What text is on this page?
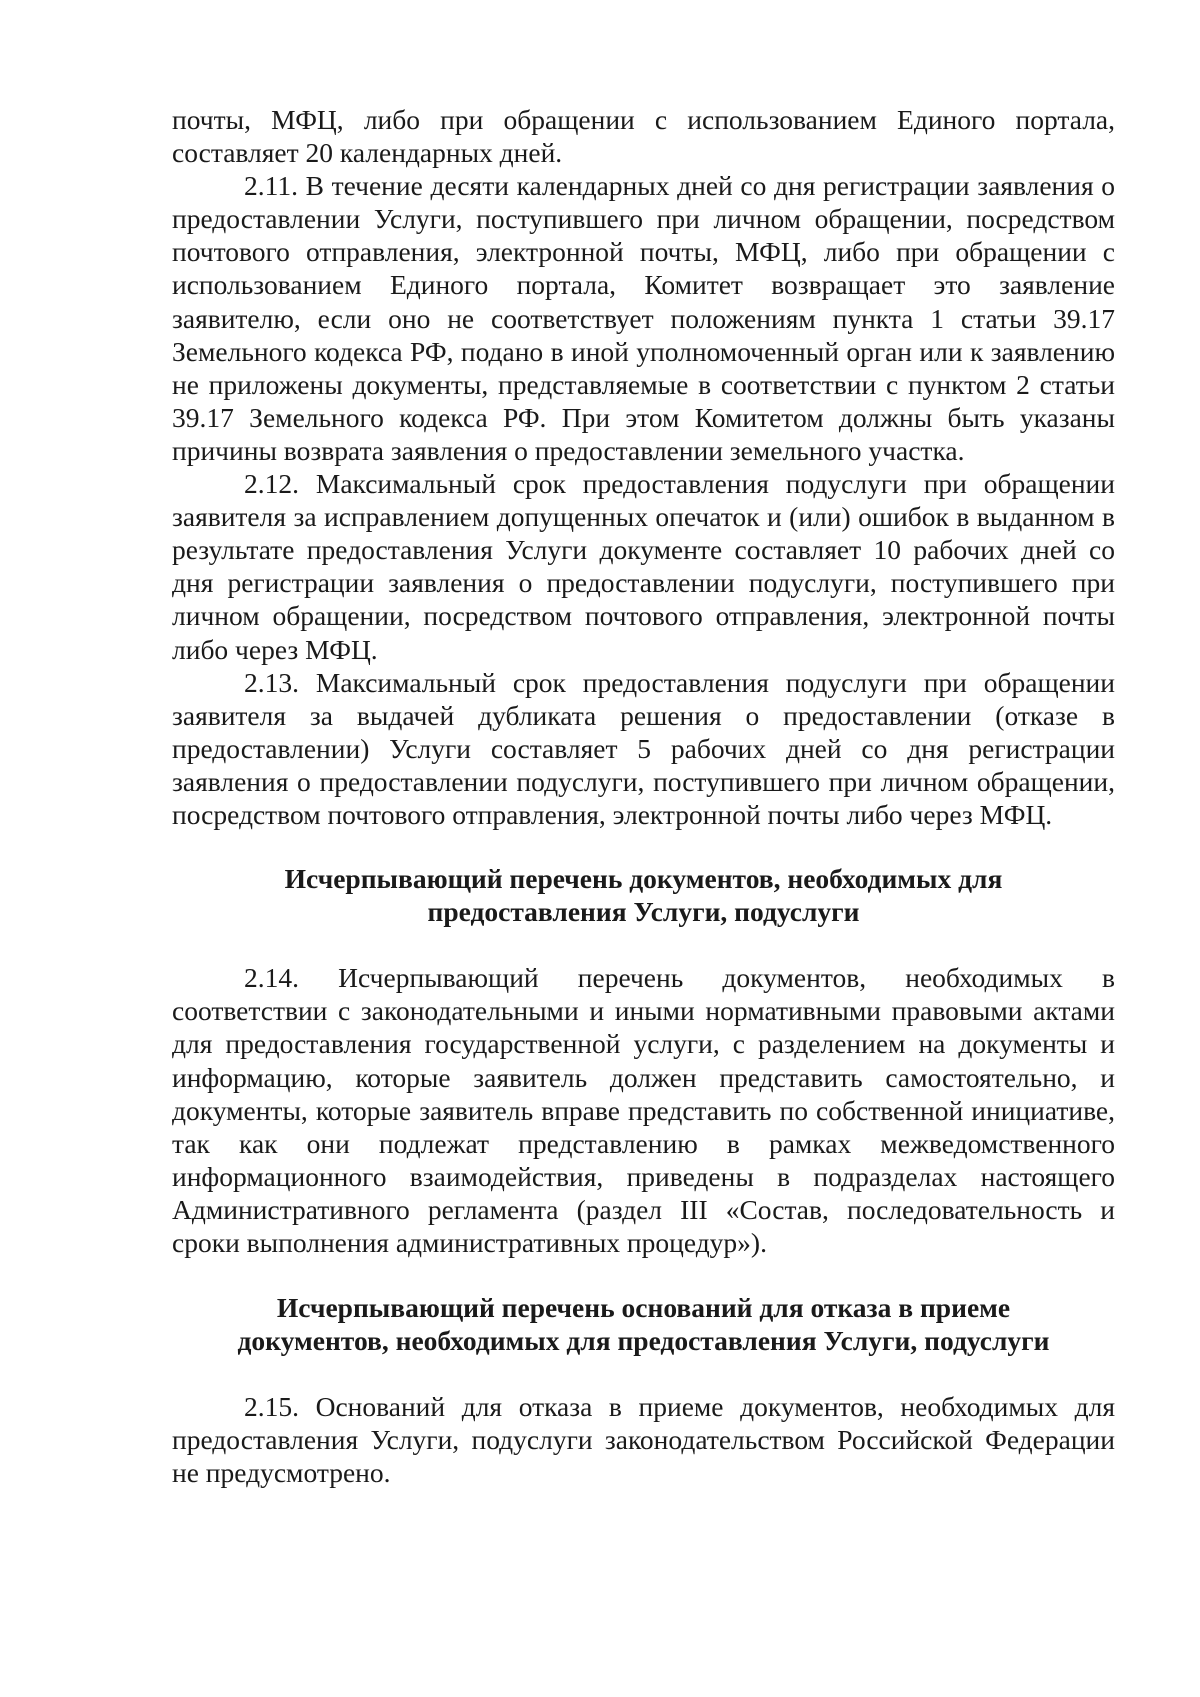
почты, МФЦ, либо при обращении с использованием Единого портала, составляет 20 календарных дней.

2.11. В течение десяти календарных дней со дня регистрации заявления о предоставлении Услуги, поступившего при личном обращении, посредством почтового отправления, электронной почты, МФЦ, либо при обращении с использованием Единого портала, Комитет возвращает это заявление заявителю, если оно не соответствует положениям пункта 1 статьи 39.17 Земельного кодекса РФ, подано в иной уполномоченный орган или к заявлению не приложены документы, представляемые в соответствии с пунктом 2 статьи 39.17 Земельного кодекса РФ. При этом Комитетом должны быть указаны причины возврата заявления о предоставлении земельного участка.

2.12. Максимальный срок предоставления подуслуги при обращении заявителя за исправлением допущенных опечаток и (или) ошибок в выданном в результате предоставления Услуги документе составляет 10 рабочих дней со дня регистрации заявления о предоставлении подуслуги, поступившего при личном обращении, посредством почтового отправления, электронной почты либо через МФЦ.

2.13. Максимальный срок предоставления подуслуги при обращении заявителя за выдачей дубликата решения о предоставлении (отказе в предоставлении) Услуги составляет 5 рабочих дней со дня регистрации заявления о предоставлении подуслуги, поступившего при личном обращении, посредством почтового отправления, электронной почты либо через МФЦ.

Исчерпывающий перечень документов, необходимых для
предоставления Услуги, подуслуги

2.14. Исчерпывающий перечень документов, необходимых в соответствии с законодательными и иными нормативными правовыми актами для предоставления государственной услуги, с разделением на документы и информацию, которые заявитель должен представить самостоятельно, и документы, которые заявитель вправе представить по собственной инициативе, так как они подлежат представлению в рамках межведомственного информационного взаимодействия, приведены в подразделах настоящего Административного регламента (раздел III «Состав, последовательность и сроки выполнения административных процедур»).

Исчерпывающий перечень оснований для отказа в приеме
документов, необходимых для предоставления Услуги, подуслуги

2.15. Оснований для отказа в приеме документов, необходимых для предоставления Услуги, подуслуги законодательством Российской Федерации не предусмотрено.
